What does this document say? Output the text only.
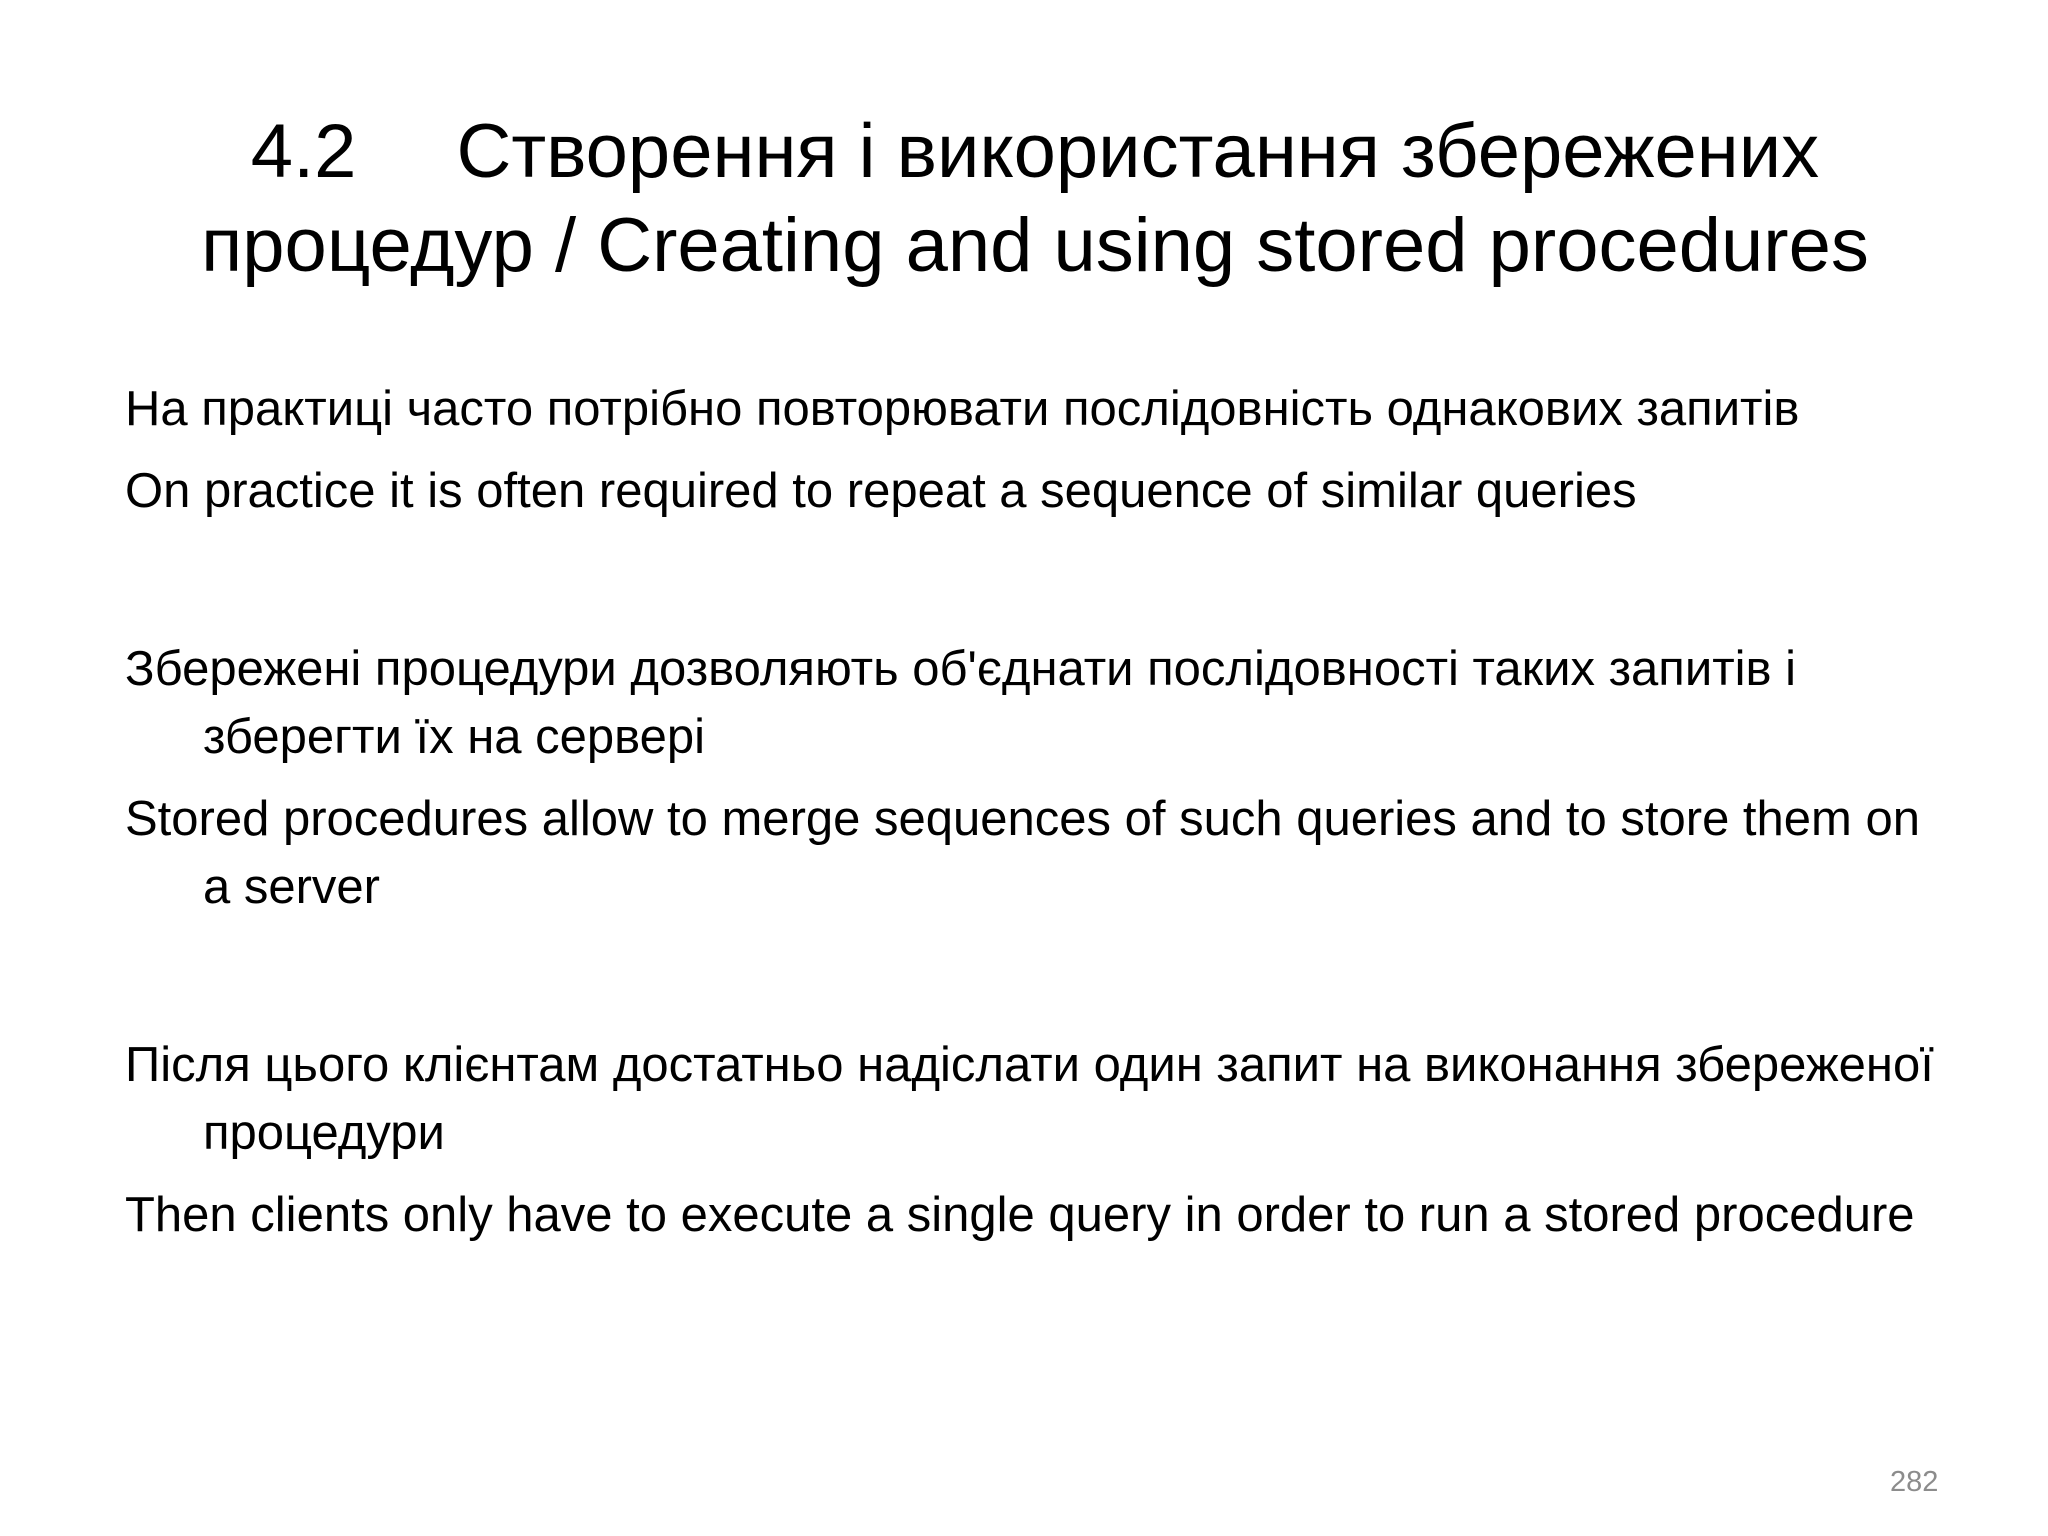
4.2 Створення і використання збережених процедур / Creating and using stored procedures

На практиці часто потрібно повторювати послідовність однакових запитів

On practice it is often required to repeat a sequence of similar queries

Збережені процедури дозволяють об'єднати послідовності таких запитів і зберегти їх на сервері

Stored procedures allow to merge sequences of such queries and to store them on a server

Після цього клієнтам достатньо надіслати один запит на виконання збереженої процедури

Then clients only have to execute a single query in order to run a stored procedure

282
